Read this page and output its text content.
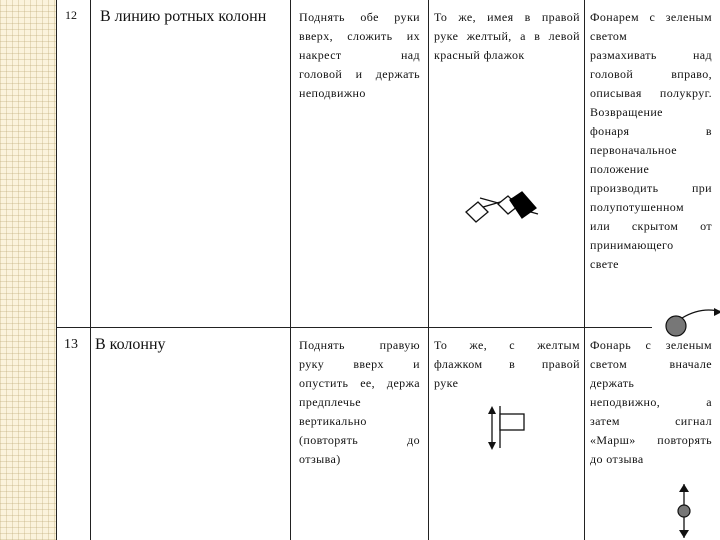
12 В линию ротных колонн	Поднять обе руки
вверх, сложить их
накрест над
головой и держать
неподвижно
То же, имея в правой
руке желтый, а в левой
красный флажок
Фонарем с зеленым
светом
размахивать над
головой вправо,
описывая полукруг.
Возвращение
фонаря в
первоначальное
положение
производить при
полупотушенном
или скрытом от
принимающего
свете
13 В колонну	Поднять правую
руку вверх и
опустить ее, держа
предплечье
вертикально
(повторять до
отзыва)
То же, с желтым
флажком в правой
руке
Фонарь с зеленым
светом вначале
держать
неподвижно, а
затем сигнал
«Марш» повторять
до отзыва
